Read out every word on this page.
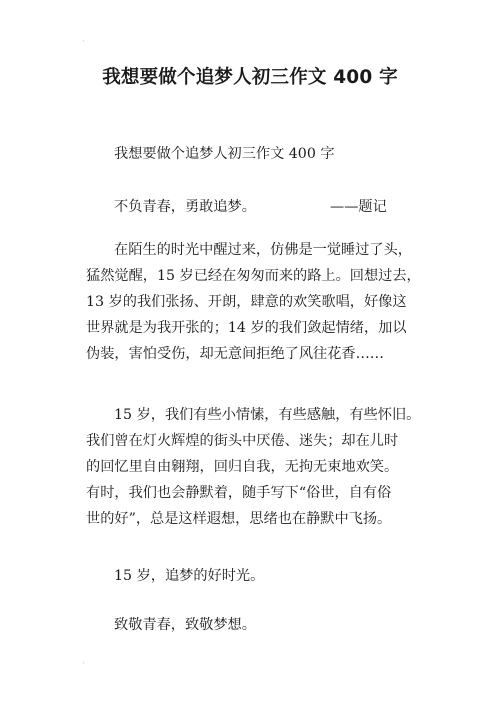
·
·
我想要做个追梦人初三作文 400 字
我想要做个追梦人初三作文 400 字
不负青春，勇敢追梦。	——题记
在陌生的时光中醒过来，仿佛是一觉睡过了头，
猛然觉醒，15 岁已经在匆匆而来的路上。回想过去，
13 岁的我们张扬、开朗，肆意的欢笑歌唱，好像这
世界就是为我开张的；14 岁的我们敛起情绪，加以
伪装，害怕受伤，却无意间拒绝了风往花香……
15 岁，我们有些小情愫，有些感触，有些怀旧。
我们曾在灯火辉煌的街头中厌倦、迷失；却在儿时
的回忆里自由翱翔，回归自我，无拘无束地欢笑。
有时，我们也会静默着，随手写下“俗世，自有俗
世的好”，总是这样遐想，思绪也在静默中飞扬。
15 岁，追梦的好时光。
致敬青春，致敬梦想。
